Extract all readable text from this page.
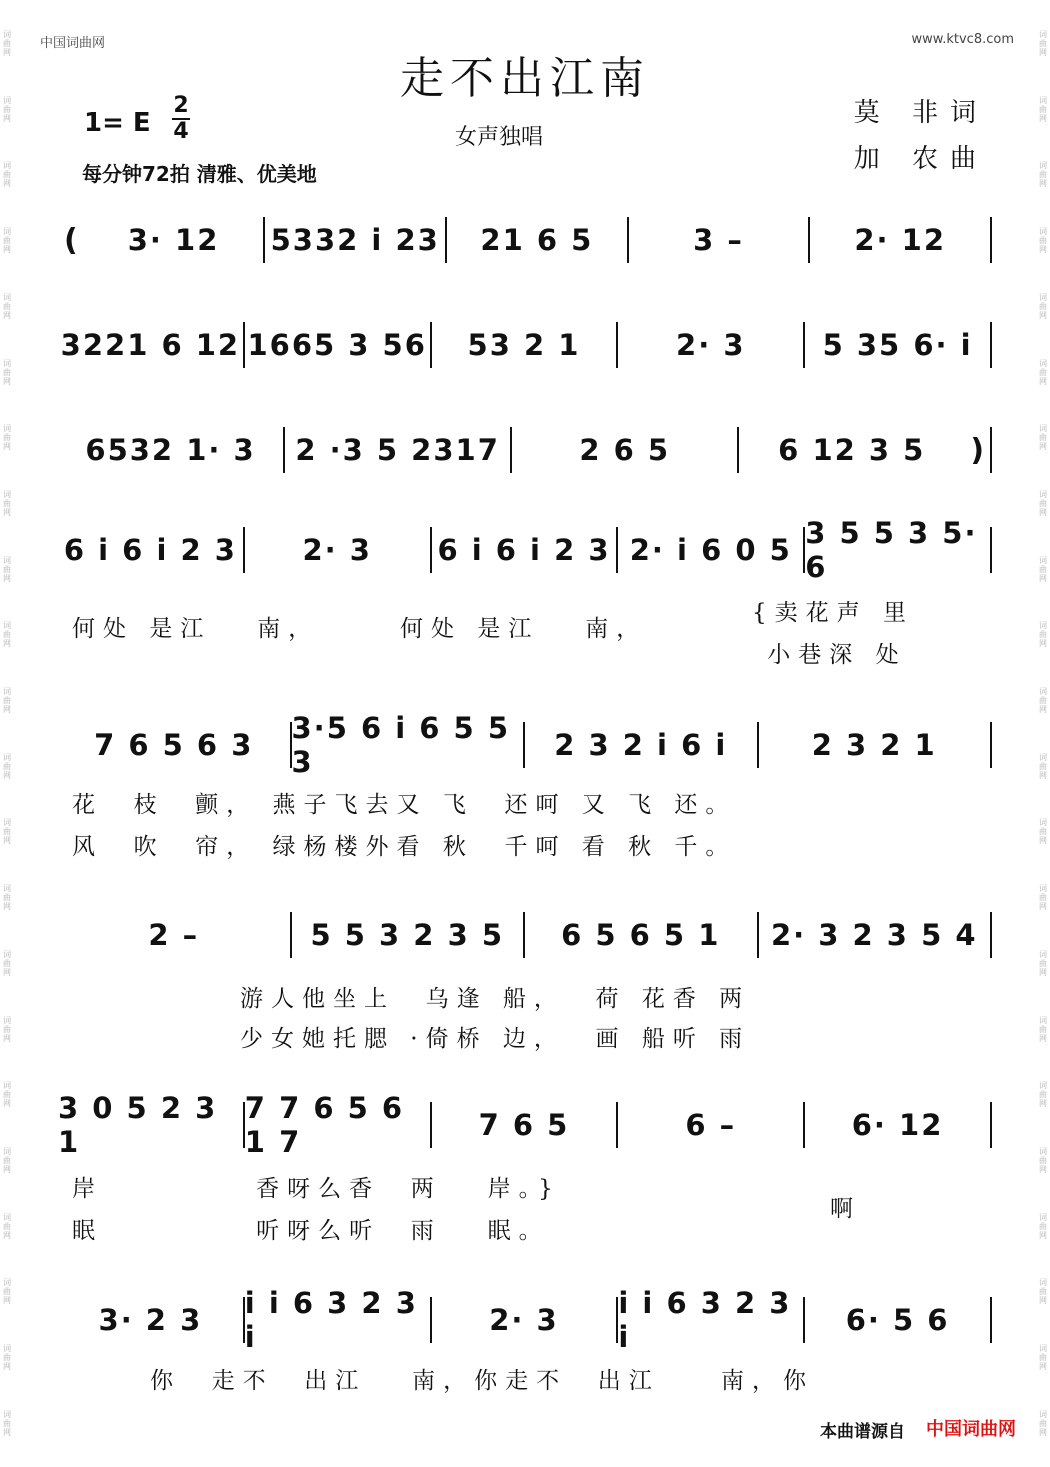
词曲网
词曲网
词曲网
词曲网
词曲网
词曲网
词曲网
词曲网
词曲网
词曲网
词曲网
词曲网
词曲网
词曲网
词曲网
词曲网
词曲网
词曲网
词曲网
词曲网
词曲网
词曲网
词曲网
词曲网
词曲网
词曲网
词曲网
词曲网
词曲网
词曲网
词曲网
词曲网
词曲网
词曲网
词曲网
词曲网
词曲网
词曲网
词曲网
词曲网
词曲网
词曲网
词曲网
词曲网
中国词曲网	www.ktvc8.com
走不出江南
1= E
2
4	女声独唱
每分钟72拍 清雅、优美地
莫 非词
加 农曲
(	3· 12	5332 i 23	21 6 5	3 –	2· 12
3221 6 12 1665 3 56	53 2 1	2· 3	5 35 6· i
6532 1· 3	2 ·3 5 2317	2 6 5	6 12 3 5	)
6 i 6 i 2 3	2· 3	6 i 6 i 2 3 2· i 6 0 5 3 5 5 3 5· 6
7 6 5 6 3	3·5 6 i 6 5 5 3	2 3 2 i 6 i	2 3 2 1
2 –	5 5 3 2 3 5	6 5 6 5 1	2· 3 2 3 5 4
3 0 5 2 3 1
7 7 6 5 6 1 7	7 6 5	6 –	6· 12
3· 2 3	i i 6 3 2 3 i	2· 3	i i 6 3 2 3 i	6· 5 6
何处 是江   南，	何处 是江   南，
{卖花声 里
小巷深 处
花  枝  颤， 燕子飞去又 飞  还呵 又 飞 还。
风  吹  帘， 绿杨楼外看 秋  千呵 看 秋 千。
游人他坐上  乌逢 船，  荷 花香 两
少女她托腮 ·倚桥 边，  画 船听 雨
岸          香呀么香  两   岸。}
眠          听呀么听  雨   眠。
啊
你  走不  出江   南，你走不  出江    南，你
本曲谱源自 中国词曲网
